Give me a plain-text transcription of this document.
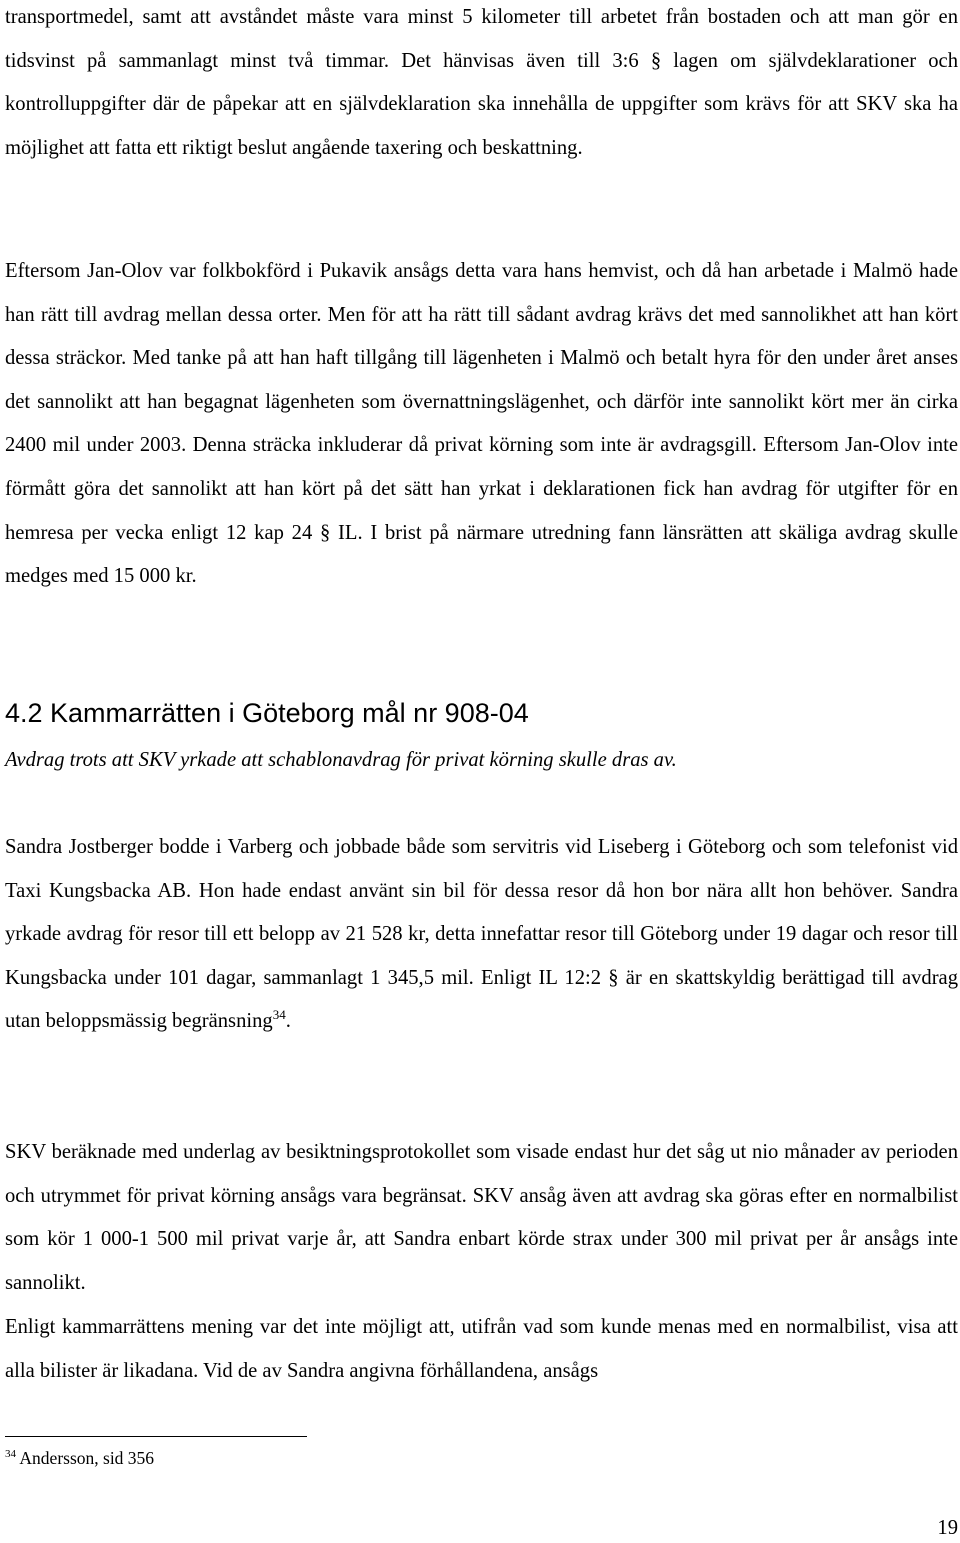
transportmedel, samt att avståndet måste vara minst 5 kilometer till arbetet från bostaden och att man gör en tidsvinst på sammanlagt minst två timmar. Det hänvisas även till 3:6 § lagen om självdeklarationer och kontrolluppgifter där de påpekar att en självdeklaration ska innehålla de uppgifter som krävs för att SKV ska ha möjlighet att fatta ett riktigt beslut angående taxering och beskattning.

Eftersom Jan-Olov var folkbokförd i Pukavik ansågs detta vara hans hemvist, och då han arbetade i Malmö hade han rätt till avdrag mellan dessa orter. Men för att ha rätt till sådant avdrag krävs det med sannolikhet att han kört dessa sträckor. Med tanke på att han haft tillgång till lägenheten i Malmö och betalt hyra för den under året anses det sannolikt att han begagnat lägenheten som övernattningslägenhet, och därför inte sannolikt kört mer än cirka 2400 mil under 2003. Denna sträcka inkluderar då privat körning som inte är avdragsgill. Eftersom Jan-Olov inte förmått göra det sannolikt att han kört på det sätt han yrkat i deklarationen fick han avdrag för utgifter för en hemresa per vecka enligt 12 kap 24 § IL. I brist på närmare utredning fann länsrätten att skäliga avdrag skulle medges med 15 000 kr.

4.2 Kammarrätten i Göteborg mål nr 908-04

Avdrag trots att SKV yrkade att schablonavdrag för privat körning skulle dras av.

Sandra Jostberger bodde i Varberg och jobbade både som servitris vid Liseberg i Göteborg och som telefonist vid Taxi Kungsbacka AB. Hon hade endast använt sin bil för dessa resor då hon bor nära allt hon behöver. Sandra yrkade avdrag för resor till ett belopp av 21 528 kr, detta innefattar resor till Göteborg under 19 dagar och resor till Kungsbacka under 101 dagar, sammanlagt 1 345,5 mil. Enligt IL 12:2 § är en skattskyldig berättigad till avdrag utan beloppsmässig begränsning$^{34}$.

SKV beräknade med underlag av besiktningsprotokollet som visade endast hur det såg ut nio månader av perioden och utrymmet för privat körning ansågs vara begränsat. SKV ansåg även att avdrag ska göras efter en normalbilist som kör 1 000-1 500 mil privat varje år, att Sandra enbart körde strax under 300 mil privat per år ansågs inte sannolikt.

Enligt kammarrättens mening var det inte möjligt att, utifrån vad som kunde menas med en normalbilist, visa att alla bilister är likadana. Vid de av Sandra angivna förhållandena, ansågs

$^{34}$ Andersson, sid 356

19
